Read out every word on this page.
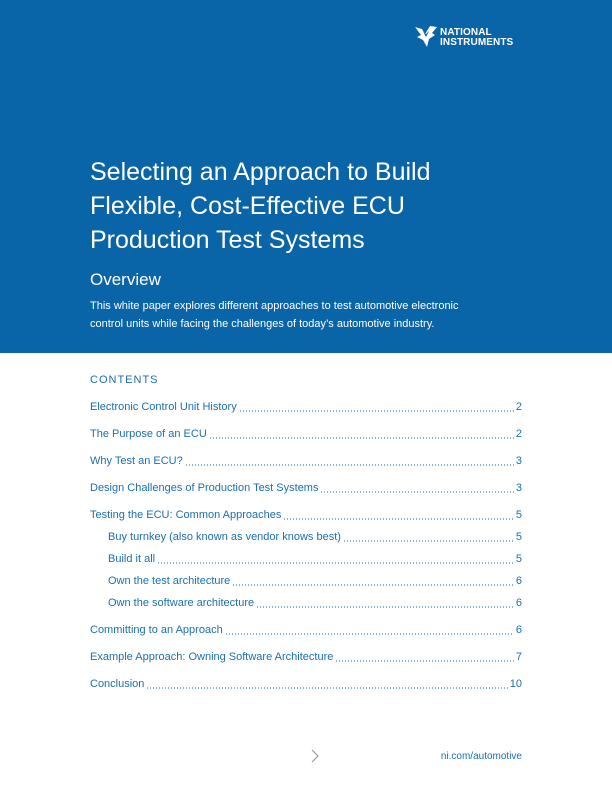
NATIONAL
INSTRUMENTS
Selecting an Approach to Build
Flexible, Cost-Effective ECU
Production Test Systems
Overview

This white paper explores different approaches to test automotive electronic
control units while facing the challenges of today’s automotive industry.

CONTENTS
Electronic Control Unit History	2
The Purpose of an ECU	2
Why Test an ECU?	3
Design Challenges of Production Test Systems	3
Testing the ECU: Common Approaches	5
Buy turnkey (also known as vendor knows best)	5
Build it all	5
Own the test architecture	6
Own the software architecture	6
Committing to an Approach	6
Example Approach: Owning Software Architecture	7
Conclusion	10

ni.com/automotive
